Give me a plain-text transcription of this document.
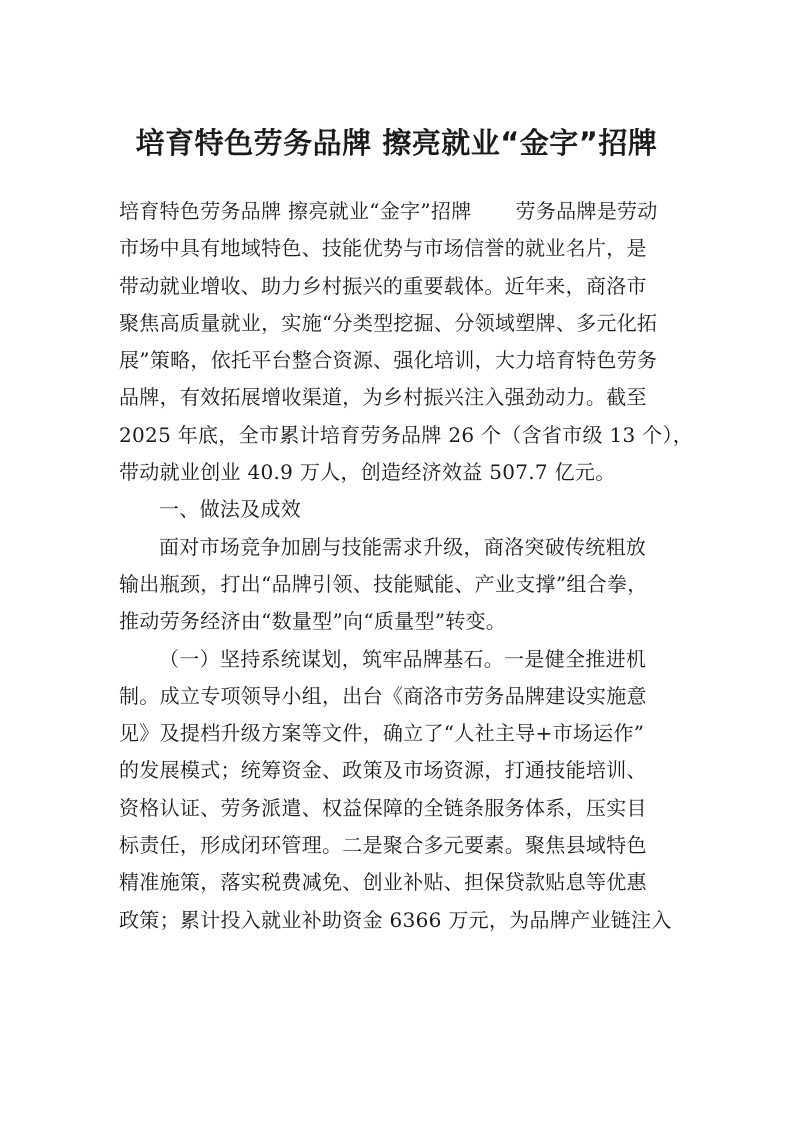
培育特色劳务品牌 擦亮就业“金字”招牌
培育特色劳务品牌 擦亮就业“金字”招牌 劳务品牌是劳动
市场中具有地域特色、技能优势与市场信誉的就业名片，是
带动就业增收、助力乡村振兴的重要载体。近年来，商洛市
聚焦高质量就业，实施“分类型挖掘、分领域塑牌、多元化拓
展”策略，依托平台整合资源、强化培训，大力培育特色劳务
品牌，有效拓展增收渠道，为乡村振兴注入强劲动力。截至
2025 年底，全市累计培育劳务品牌 26 个（含省市级 13 个），
带动就业创业 40.9 万人，创造经济效益 507.7 亿元。
一、做法及成效
面对市场竞争加剧与技能需求升级，商洛突破传统粗放
输出瓶颈，打出“品牌引领、技能赋能、产业支撑”组合拳，
推动劳务经济由“数量型”向“质量型”转变。
（一）坚持系统谋划，筑牢品牌基石。一是健全推进机
制。成立专项领导小组，出台《商洛市劳务品牌建设实施意
见》及提档升级方案等文件，确立了“人社主导+市场运作”
的发展模式；统筹资金、政策及市场资源，打通技能培训、
资格认证、劳务派遣、权益保障的全链条服务体系，压实目
标责任，形成闭环管理。二是聚合多元要素。聚焦县域特色
精准施策，落实税费减免、创业补贴、担保贷款贴息等优惠
政策；累计投入就业补助资金 6366 万元，为品牌产业链注入
